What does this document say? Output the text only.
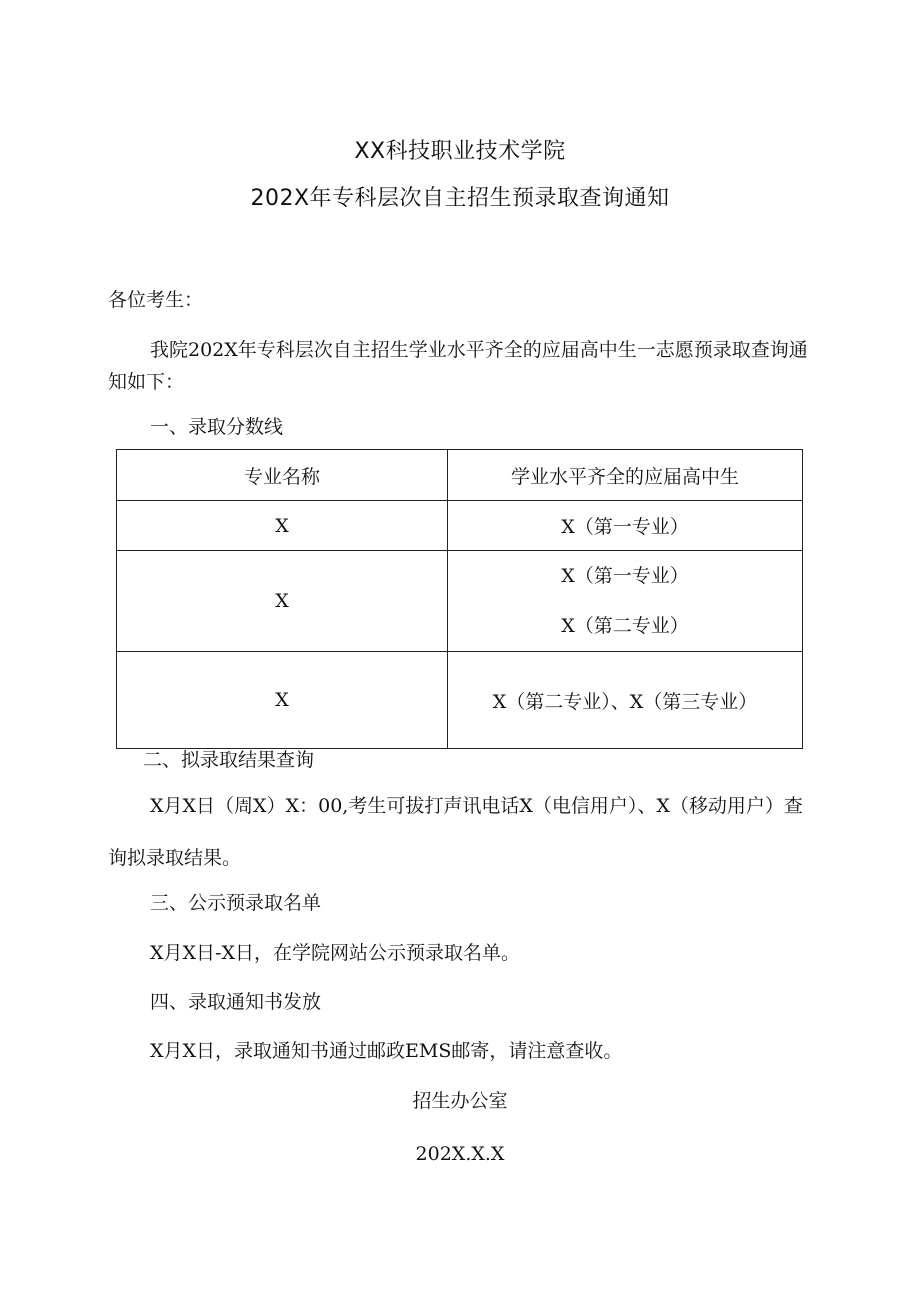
XX科技职业技术学院
202X年专科层次自主招生预录取查询通知
各位考生：
我院202X年专科层次自主招生学业水平齐全的应届高中生一志愿预录取查询通知如下：
一、录取分数线
专业名称	学业水平齐全的应届高中生
X	X（第一专业）
X	X（第一专业）
X（第二专业）

X	X（第二专业）、X（第三专业）
二、拟录取结果查询
X月X日（周X）X：00,考生可拔打声讯电话X（电信用户）、X（移动用户）查询拟录取结果。
三、公示预录取名单
X月X日-X日，在学院网站公示预录取名单。
四、录取通知书发放
X月X日，录取通知书通过邮政EMS邮寄，请注意查收。
招生办公室
202X.X.X
